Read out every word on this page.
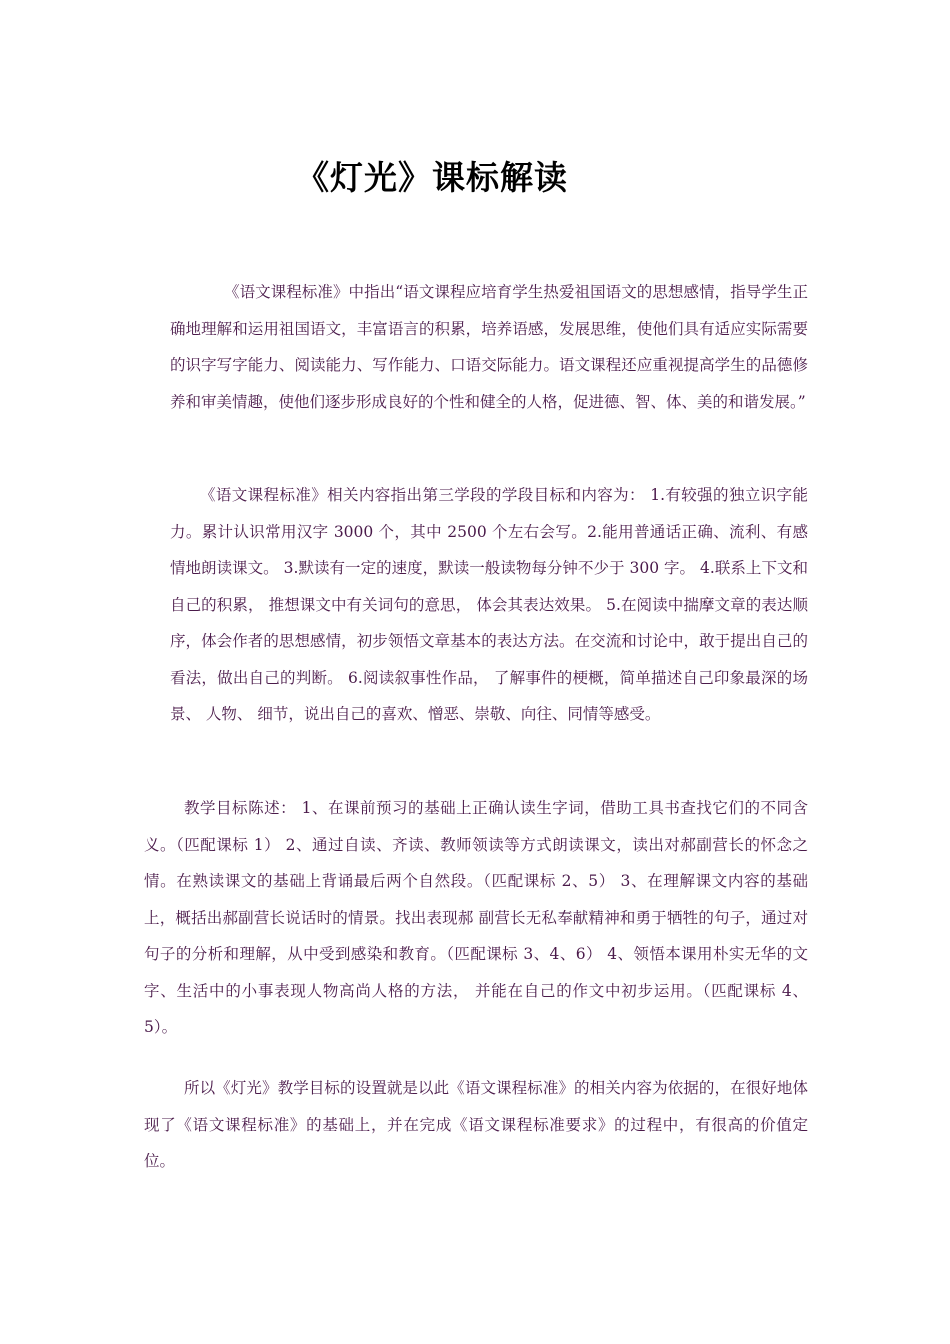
《灯光》课标解读

《语文课程标准》中指出“语文课程应培育学生热爱祖国语文的思想感情，指导学生正确地理解和运用祖国语文，丰富语言的积累，培养语感，发展思维，使他们具有适应实际需要的识字写字能力、阅读能力、写作能力、口语交际能力。语文课程还应重视提高学生的品德修养和审美情趣，使他们逐步形成良好的个性和健全的人格，促进德、智、体、美的和谐发展。”

《语文课程标准》相关内容指出第三学段的学段目标和内容为： 1.有较强的独立识字能力。累计认识常用汉字 3000 个，其中 2500 个左右会写。2.能用普通话正确、流利、有感情地朗读课文。 3.默读有一定的速度，默读一般读物每分钟不少于 300 字。 4.联系上下文和自己的积累， 推想课文中有关词句的意思， 体会其表达效果。 5.在阅读中揣摩文章的表达顺序，体会作者的思想感情，初步领悟文章基本的表达方法。在交流和讨论中，敢于提出自己的看法，做出自己的判断。 6.阅读叙事性作品， 了解事件的梗概，简单描述自己印象最深的场景、 人物、 细节，说出自己的喜欢、憎恶、崇敬、向往、同情等感受。

教学目标陈述： 1、在课前预习的基础上正确认读生字词，借助工具书查找它们的不同含义。（匹配课标 1） 2、通过自读、齐读、教师领读等方式朗读课文，读出对郝副营长的怀念之 情。在熟读课文的基础上背诵最后两个自然段。（匹配课标 2、5） 3、在理解课文内容的基础上，概括出郝副营长说话时的情景。找出表现郝 副营长无私奉献精神和勇于牺牲的句子，通过对句子的分析和理解，从中受到感染和教育。（匹配课标 3、4、6） 4、领悟本课用朴实无华的文字、生活中的小事表现人物高尚人格的方法， 并能在自己的作文中初步运用。（匹配课标 4、5）。

所以《灯光》教学目标的设置就是以此《语文课程标准》的相关内容为依据的，在很好地体现了《语文课程标准》的基础上，并在完成《语文课程标准要求》的过程中，有很高的价值定位。
